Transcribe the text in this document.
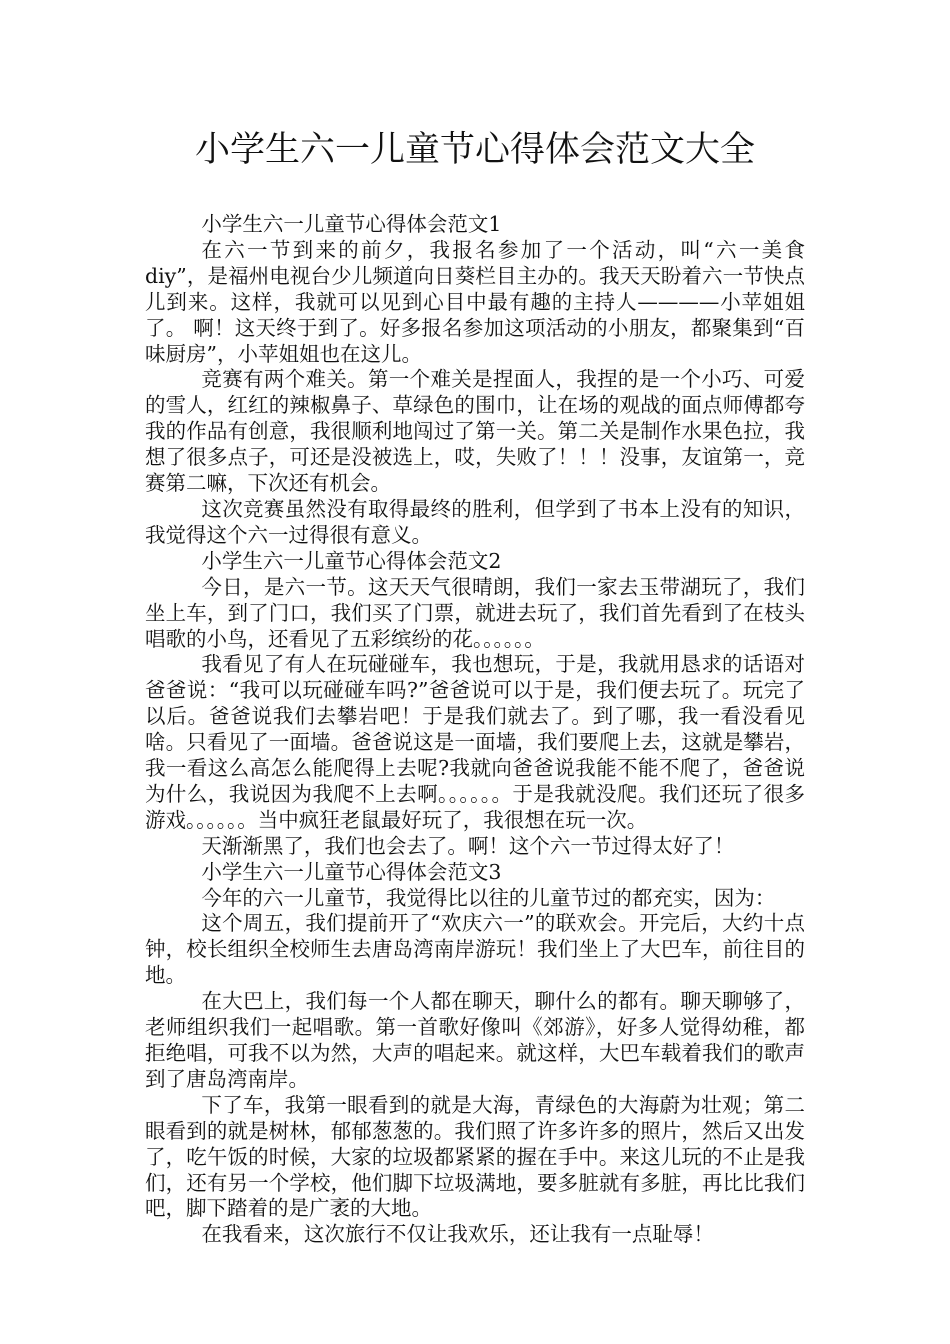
小学生六一儿童节心得体会范文大全

小学生六一儿童节心得体会范文1

在六一节到来的前夕，我报名参加了一个活动，叫“六一美食diy”，是福州电视台少儿频道向日葵栏目主办的。我天天盼着六一节快点儿到来。这样，我就可以见到心目中最有趣的主持人————小苹姐姐了。 啊！这天终于到了。好多报名参加这项活动的小朋友，都聚集到“百味厨房”，小苹姐姐也在这儿。

竞赛有两个难关。第一个难关是捏面人，我捏的是一个小巧、可爱的雪人，红红的辣椒鼻子、草绿色的围巾，让在场的观战的面点师傅都夸我的作品有创意，我很顺利地闯过了第一关。第二关是制作水果色拉，我想了很多点子，可还是没被选上，哎，失败了！！！没事，友谊第一，竞赛第二嘛，下次还有机会。

这次竞赛虽然没有取得最终的胜利，但学到了书本上没有的知识，我觉得这个六一过得很有意义。

小学生六一儿童节心得体会范文2

今日，是六一节。这天天气很晴朗，我们一家去玉带湖玩了，我们坐上车，到了门口，我们买了门票，就进去玩了，我们首先看到了在枝头唱歌的小鸟，还看见了五彩缤纷的花。。。。。。

我看见了有人在玩碰碰车，我也想玩，于是，我就用恳求的话语对爸爸说：“我可以玩碰碰车吗?”爸爸说可以于是，我们便去玩了。玩完了以后。爸爸说我们去攀岩吧！于是我们就去了。到了哪，我一看没看见啥。只看见了一面墙。爸爸说这是一面墙，我们要爬上去，这就是攀岩，我一看这么高怎么能爬得上去呢?我就向爸爸说我能不能不爬了，爸爸说为什么，我说因为我爬不上去啊。。。。。。于是我就没爬。我们还玩了很多游戏。。。。。。当中疯狂老鼠最好玩了，我很想在玩一次。

天渐渐黑了，我们也会去了。啊！这个六一节过得太好了！

小学生六一儿童节心得体会范文3

今年的六一儿童节，我觉得比以往的儿童节过的都充实，因为：

这个周五，我们提前开了“欢庆六一”的联欢会。开完后，大约十点钟，校长组织全校师生去唐岛湾南岸游玩！我们坐上了大巴车，前往目的地。

在大巴上，我们每一个人都在聊天，聊什么的都有。聊天聊够了，老师组织我们一起唱歌。第一首歌好像叫《郊游》，好多人觉得幼稚，都拒绝唱，可我不以为然，大声的唱起来。就这样，大巴车载着我们的歌声到了唐岛湾南岸。

下了车，我第一眼看到的就是大海，青绿色的大海蔚为壮观；第二眼看到的就是树林，郁郁葱葱的。我们照了许多许多的照片，然后又出发了，吃午饭的时候，大家的垃圾都紧紧的握在手中。来这儿玩的不止是我们，还有另一个学校，他们脚下垃圾满地，要多脏就有多脏，再比比我们吧，脚下踏着的是广袤的大地。

在我看来，这次旅行不仅让我欢乐，还让我有一点耻辱！
